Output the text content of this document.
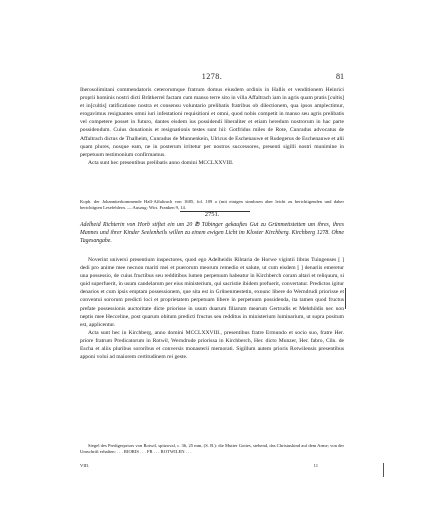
1278.	81

Iherosolimitani commendatoris ceterorumque fratrum domus eiusdem ordinis in Hallis et venditionem Heinrici proprii hominis nostri dicti Brůtkerrel factam cum manso terre sito in villa Affaltrach iam in agris quam pratis [cultis] et in[cultis] ratificatione nostra et consensu voluntario prelibatis fratribus ob dilectionem, qua ipsos amplectimur, erogavimus resignantes omni iuri infestationi requisitioni et omni, quod nobis competit in manso seu agris prelibatis vel competere posset in futuro, dantes eisdem ius possidendi liberaliter et etiam heredum nostrorum in hac parte possidendum. Cuius donationis et resignationis testes sunt hii: Gotfridus miles de Rote, Cunradus advocatus de Affaltrach dictus de Thalheim, Cunradus de Munnenkein, Ulricus de Eschenauwe et Rudegerus de Eschenauwe et alii quam plures, nosque eam, ne in posterum irritetur per nostros successores, presenti sigilli nostri munimine in perpetuum testimonium confirmamus.

Acta sunt hec presentibus prelibatis anno domini MCCLXXVIII.

Kopb. der Johanniterkommende Hall-Affaltrach von 1685, fol. 109 a (mit einigen sinnlosen aber leicht zu berichtigenden und daher berichtigten Lesefehlern. — Auszug: Wirt. Franken 9, 14.

2751.

Adelheid Richterin von Horb stiftet ein um 20 ℔ Tübinger gekauftes Gut zu Grünmettstetten um ihres, ihres Mannes und ihrer Kinder Seelenheils willen zu einem ewigen Licht im Kloster Kirchberg. Kirchberg 1278. Ohne Tagesangabe.

Noverint universi presentium inspectores, quod ego Adelheidis Rihtaria de Horwe vigintii libras Tuingenses [ ] dedi pro anime mee necnon mariti mei et puerorum meorum remedio et salute, ut cum eisdem [ ] denariis emeretur una possessio, de cuius fructibus seu redditibus lumen perpetuum habeatur in Kirchberch coram altari et reliquum, si quid superfuerit, in usum candelarum per eius ministerium, qui sacristie ibidem prefuerit, convertatur. Predictos igitur denarios et cum ipsis emptam possessionem, que sita est in Grůnenmestetin, exnunc libere do Werndrudi priorisse et conventui sororum predicti loci et proprietatem perpetuam libere in perpetuum possidenda, ita tamen quod fructus prefate possessionis auctoritate dicte priorisse in usum duarum filiarum mearum Gertrudis et Mehthildis nec non neptis mee Hecceline, post quarum obitum predicti fructus seu redditus in ministerium luminarium, ut supra positum est, applicentur.

Acta sunt hec in Kirchberg, anno domini MCCLXXVIII., presentibus fratre Ermundo et socio suo, fratre Her. priore fratrum Predicatorum in Rotwil, Werndrude priorissa in Kirchberch, Her. dicto Munzer, Her. fabro, Cůn. de Escha et aliis pluribus sororibus et conversis monasterii memorati. Sigillum autem prioris Rotwilensis presentibus apponi volui ad maiorem certitudinem rei geste.

Siegel des Predigerpriors von Rotwil, spitzoval, c. 36, 25 mm, (S. B.): die Mutter Gottes, stehend, das Christuskind auf dem Arme; von der Umschrift erhalten: . . . RIORIS . . . FR . . . ROTWILEN . . .

VIII.	11
